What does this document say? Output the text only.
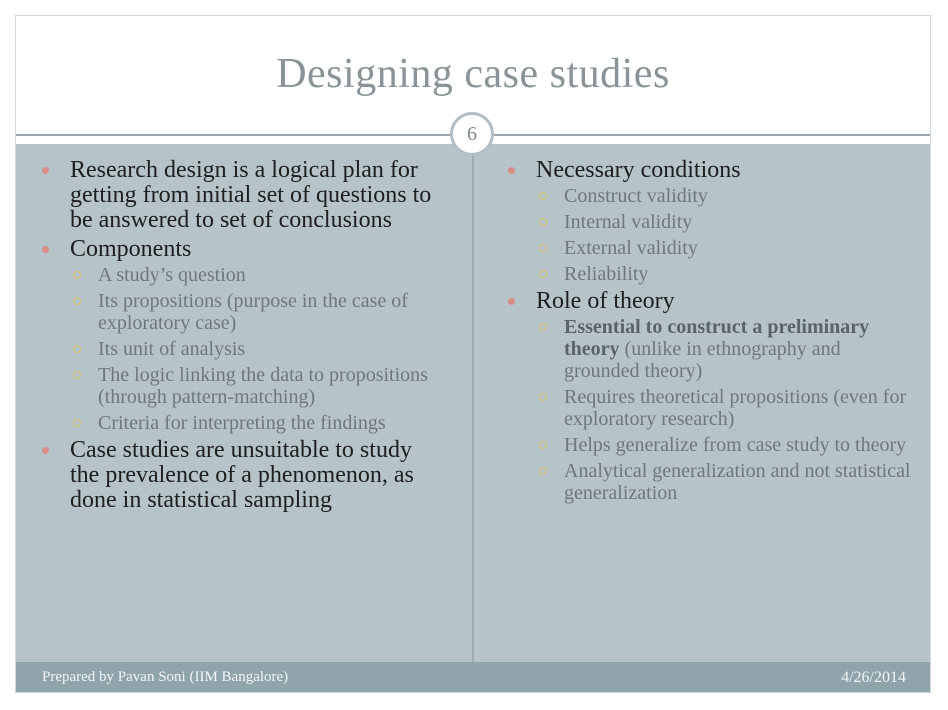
Designing case studies
6
Research design is a logical plan for getting from initial set of questions to be answered to set of conclusions
Components
A study’s question
Its propositions (purpose in the case of exploratory case)
Its unit of analysis
The logic linking the data to propositions (through pattern-matching)
Criteria for interpreting the findings
Case studies are unsuitable to study the prevalence of a phenomenon, as done in statistical sampling
Necessary conditions
Construct validity
Internal validity
External validity
Reliability
Role of theory
Essential to construct a preliminary theory (unlike in ethnography and grounded theory)
Requires theoretical propositions (even for exploratory research)
Helps generalize from case study to theory
Analytical generalization and not statistical generalization
Prepared by Pavan Soni (IIM Bangalore)	4/26/2014
